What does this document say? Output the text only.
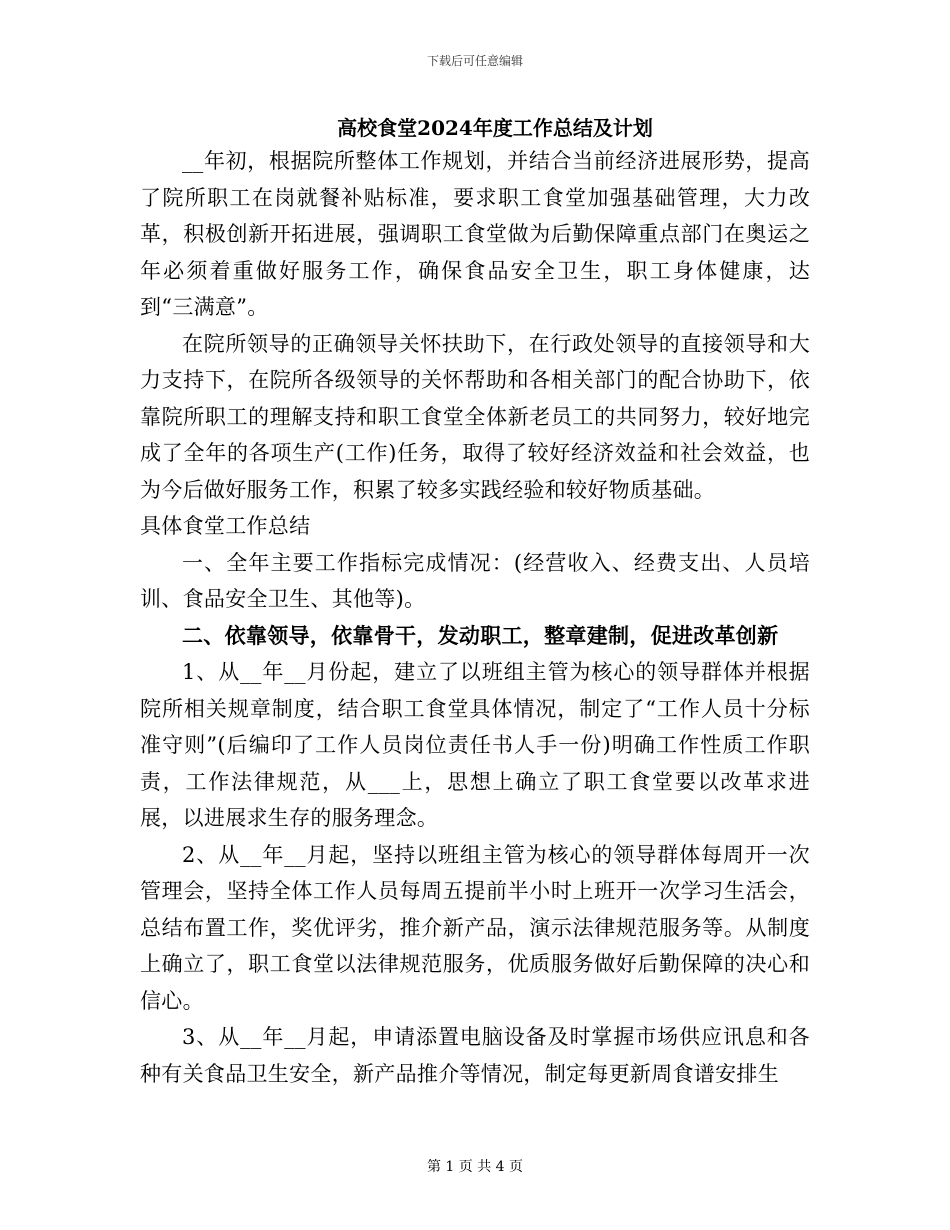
下载后可任意编辑
高校食堂2024年度工作总结及计划

__年初，根据院所整体工作规划，并结合当前经济进展形势，提高了院所职工在岗就餐补贴标准，要求职工食堂加强基础管理，大力改革，积极创新开拓进展，强调职工食堂做为后勤保障重点部门在奥运之年必须着重做好服务工作，确保食品安全卫生，职工身体健康，达到“三满意”。

在院所领导的正确领导关怀扶助下，在行政处领导的直接领导和大力支持下，在院所各级领导的关怀帮助和各相关部门的配合协助下，依靠院所职工的理解支持和职工食堂全体新老员工的共同努力，较好地完成了全年的各项生产(工作)任务，取得了较好经济效益和社会效益，也为今后做好服务工作，积累了较多实践经验和较好物质基础。

具体食堂工作总结

一、全年主要工作指标完成情况：(经营收入、经费支出、人员培训、食品安全卫生、其他等)。

二、依靠领导，依靠骨干，发动职工，整章建制，促进改革创新

1、从__年__月份起，建立了以班组主管为核心的领导群体并根据院所相关规章制度，结合职工食堂具体情况，制定了“工作人员十分标准守则”(后编印了工作人员岗位责任书人手一份)明确工作性质工作职责，工作法律规范，从___上，思想上确立了职工食堂要以改革求进展，以进展求生存的服务理念。

2、从__年__月起，坚持以班组主管为核心的领导群体每周开一次管理会，坚持全体工作人员每周五提前半小时上班开一次学习生活会，总结布置工作，奖优评劣，推介新产品，演示法律规范服务等。从制度上确立了，职工食堂以法律规范服务，优质服务做好后勤保障的决心和信心。

3、从__年__月起，申请添置电脑设备及时掌握市场供应讯息和各种有关食品卫生安全，新产品推介等情况，制定每更新周食谱安排生

第 1 页 共 4 页
